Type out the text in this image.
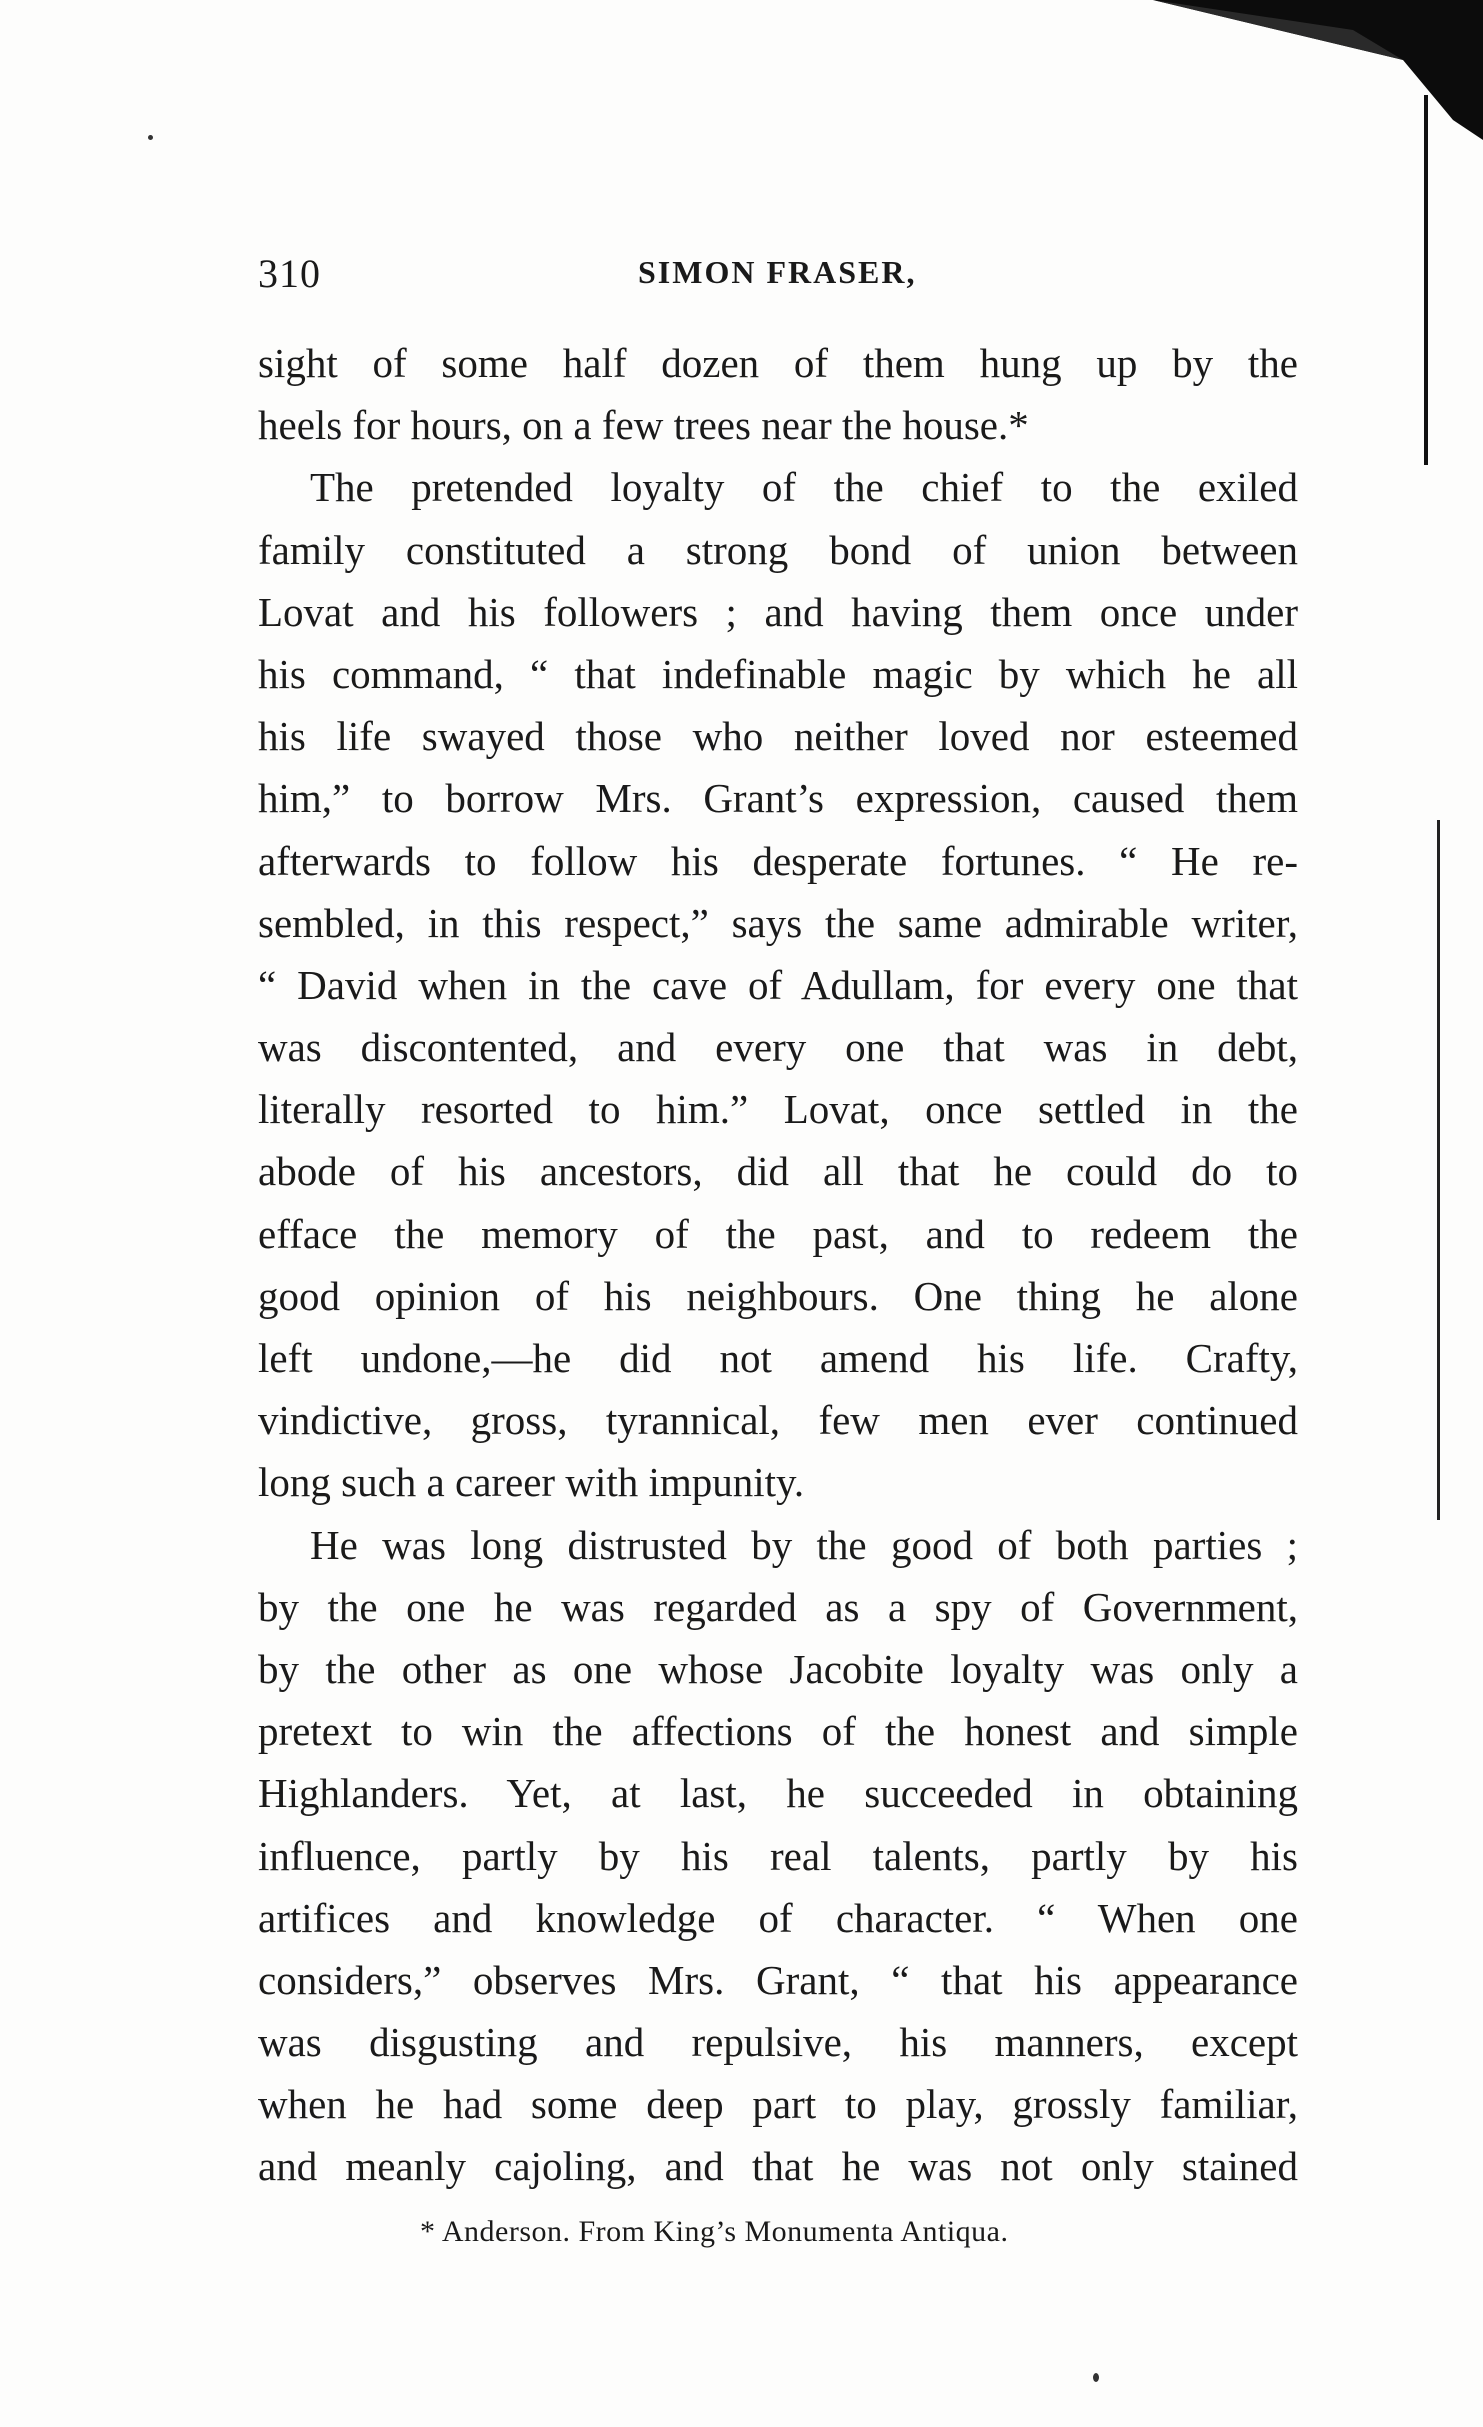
310	SIMON FRASER,
sight of some half dozen of them hung up by the
heels for hours, on a few trees near the house.*
The pretended loyalty of the chief to the exiled
family constituted a strong bond of union between
Lovat and his followers ; and having them once under
his command, “ that indefinable magic by which he all
his life swayed those who neither loved nor esteemed
him,” to borrow Mrs. Grant’s expression, caused them
afterwards to follow his desperate fortunes. “ He re-
sembled, in this respect,” says the same admirable writer,
“ David when in the cave of Adullam, for every one that
was discontented, and every one that was in debt,
literally resorted to him.” Lovat, once settled in the
abode of his ancestors, did all that he could do to
efface the memory of the past, and to redeem the
good opinion of his neighbours. One thing he alone
left undone,—he did not amend his life. Crafty,
vindictive, gross, tyrannical, few men ever continued
long such a career with impunity.
He was long distrusted by the good of both parties ;
by the one he was regarded as a spy of Government,
by the other as one whose Jacobite loyalty was only a
pretext to win the affections of the honest and simple
Highlanders. Yet, at last, he succeeded in obtaining
influence, partly by his real talents, partly by his
artifices and knowledge of character. “ When one
considers,” observes Mrs. Grant, “ that his appearance
was disgusting and repulsive, his manners, except
when he had some deep part to play, grossly familiar,
and meanly cajoling, and that he was not only stained
* Anderson. From King’s Monumenta Antiqua.
